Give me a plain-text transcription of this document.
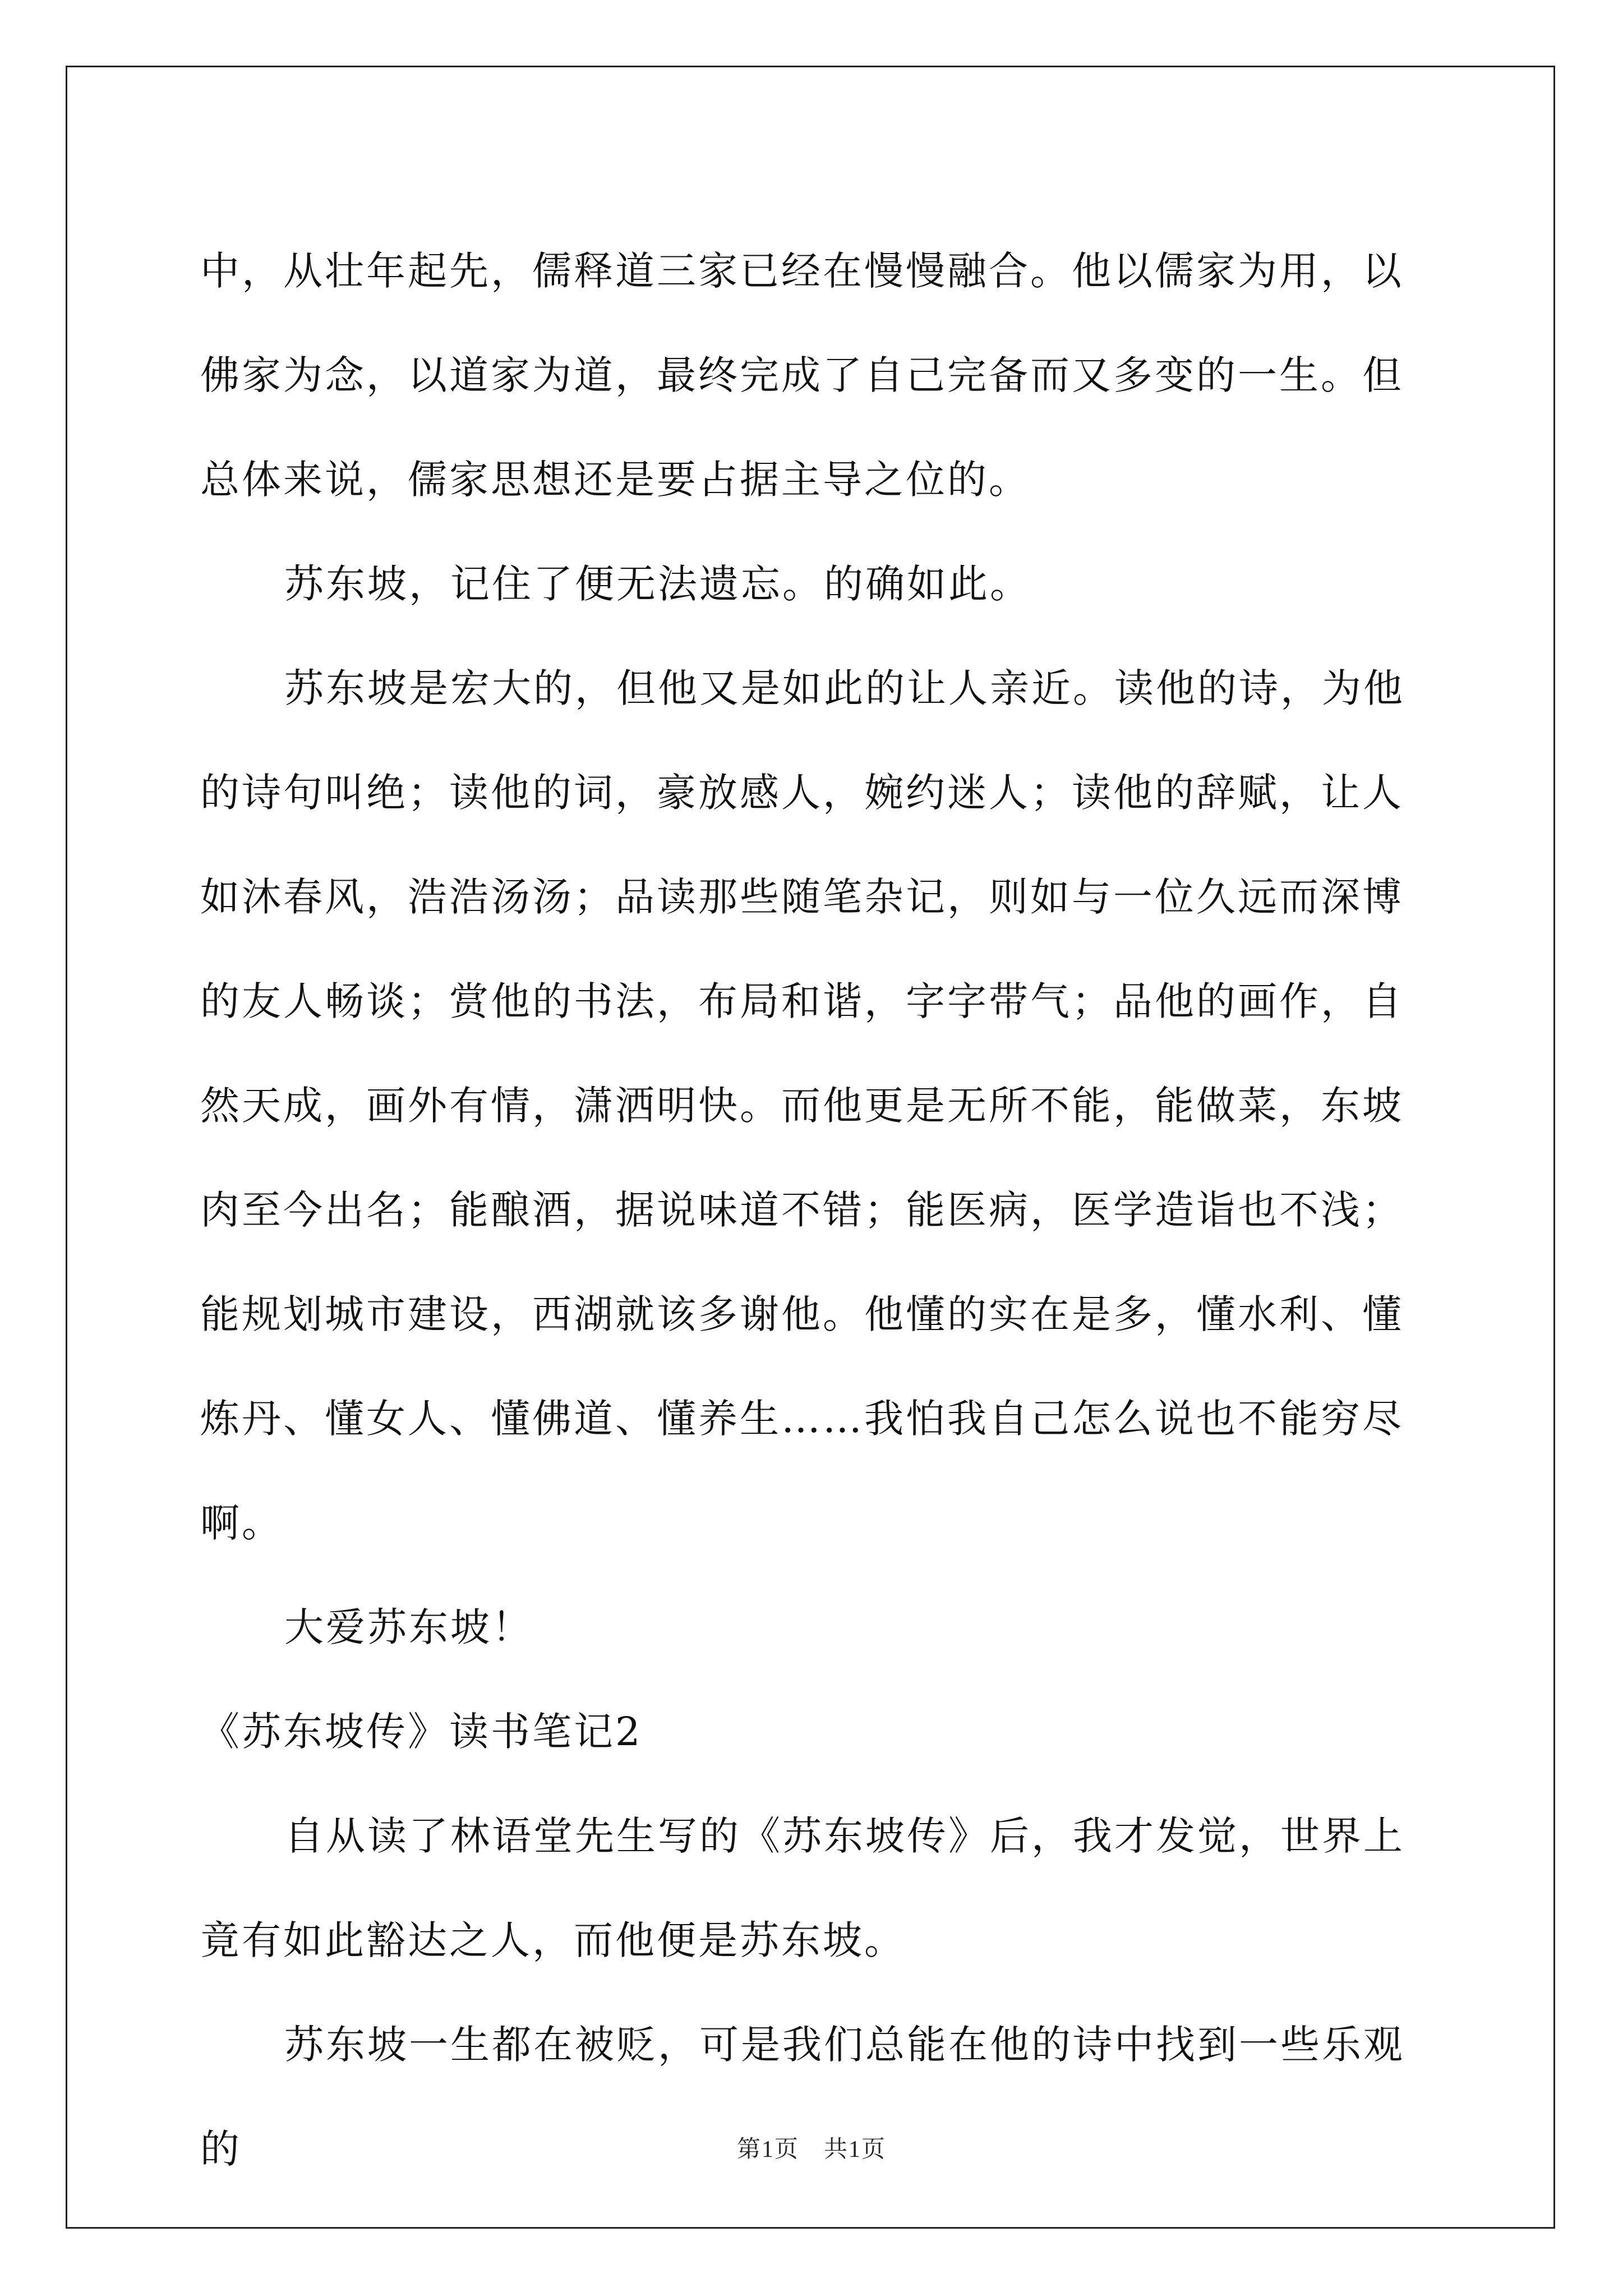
中，从壮年起先，儒释道三家已经在慢慢融合。他以儒家为用，以佛家为念，以道家为道，最终完成了自己完备而又多变的一生。但总体来说，儒家思想还是要占据主导之位的。

苏东坡，记住了便无法遗忘。的确如此。

苏东坡是宏大的，但他又是如此的让人亲近。读他的诗，为他的诗句叫绝；读他的词，豪放感人，婉约迷人；读他的辞赋，让人如沐春风，浩浩汤汤；品读那些随笔杂记，则如与一位久远而深博的友人畅谈；赏他的书法，布局和谐，字字带气；品他的画作，自然天成，画外有情，潇洒明快。而他更是无所不能，能做菜，东坡肉至今出名；能酿酒，据说味道不错；能医病，医学造诣也不浅；能规划城市建设，西湖就该多谢他。他懂的实在是多，懂水利、懂炼丹、懂女人、懂佛道、懂养生……我怕我自己怎么说也不能穷尽啊。

大爱苏东坡！

《苏东坡传》读书笔记2

自从读了林语堂先生写的《苏东坡传》后，我才发觉，世界上竟有如此豁达之人，而他便是苏东坡。

苏东坡一生都在被贬，可是我们总能在他的诗中找到一些乐观的	第1页　共1页
